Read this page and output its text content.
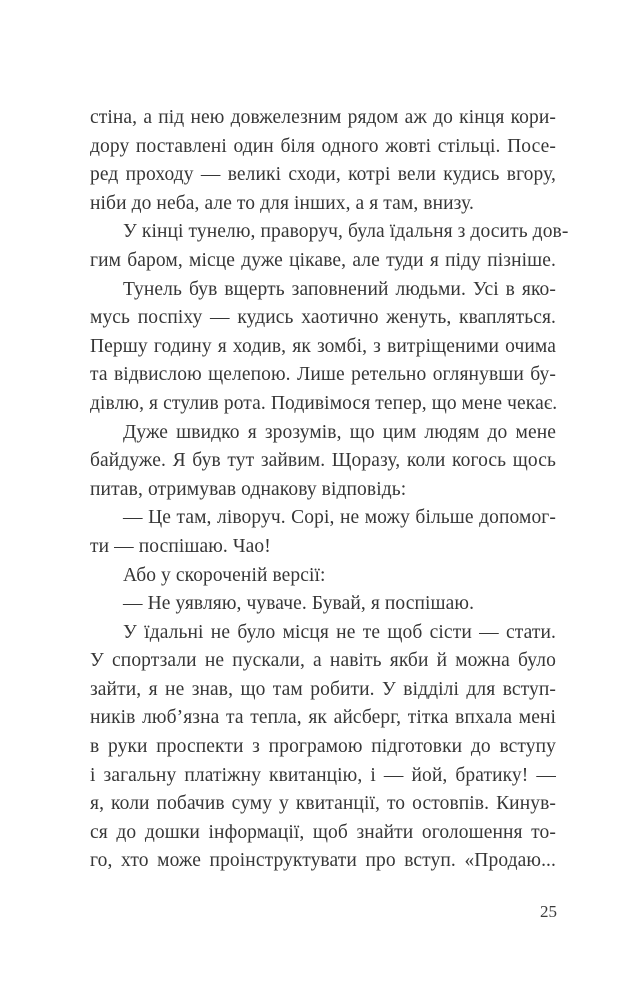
стіна, а під нею довжелезним рядом аж до кінця кори-
дору поставлені один біля одного жовті стільці. Посе-
ред проходу — великі сходи, котрі вели кудись вгору,
ніби до неба, але то для інших, а я там, внизу.
У кінці тунелю, праворуч, була їдальня з досить дов-
гим баром, місце дуже цікаве, але туди я піду пізніше.
Тунель був вщерть заповнений людьми. Усі в яко-
мусь поспіху — кудись хаотично женуть, квапляться.
Першу годину я ходив, як зомбі, з витріщеними очима
та відвислою щелепою. Лише ретельно оглянувши бу-
дівлю, я стулив рота. Подивімося тепер, що мене чекає.
Дуже швидко я зрозумів, що цим людям до мене
байдуже. Я був тут зайвим. Щоразу, коли когось щось
питав, отримував однакову відповідь:
— Це там, ліворуч. Сорі, не можу більше допомог-
ти — поспішаю. Чао!
Або у скороченій версії:
— Не уявляю, чуваче. Бувай, я поспішаю.
У їдальні не було місця не те щоб сісти — стати.
У спортзали не пускали, а навіть якби й можна було
зайти, я не знав, що там робити. У відділі для вступ-
ників люб’язна та тепла, як айсберг, тітка впхала мені
в руки проспекти з програмою підготовки до вступу
і загальну платіжну квитанцію, і — йой, братику! —
я, коли побачив суму у квитанції, то остовпів. Кинув-
ся до дошки інформації, щоб знайти оголошення то-
го, хто може проінструктувати про вступ. «Продаю...
25
